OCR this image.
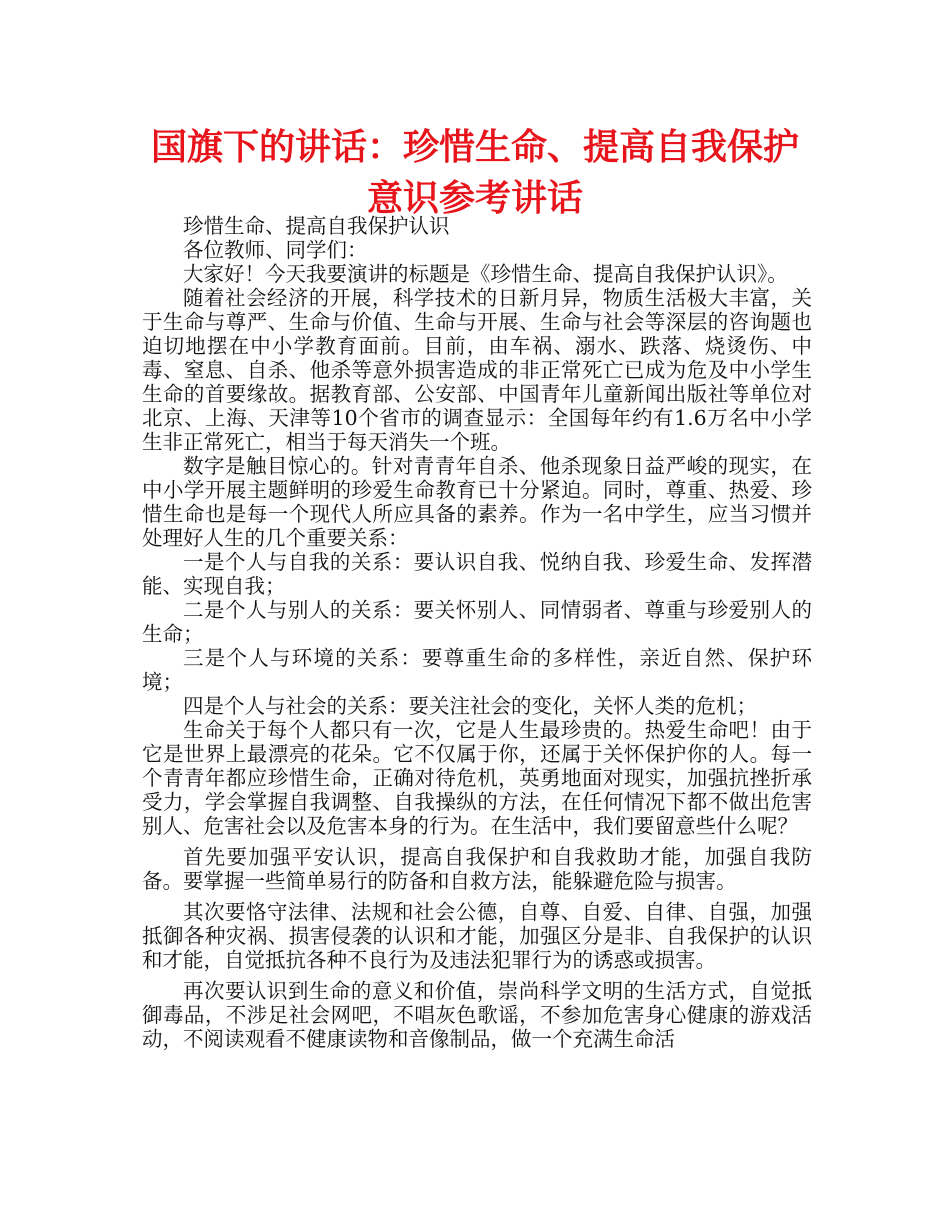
国旗下的讲话：珍惜生命、提高自我保护
意识参考讲话

珍惜生命、提高自我保护认识

各位教师、同学们：

大家好！今天我要演讲的标题是《珍惜生命、提高自我保护认识》。

随着社会经济的开展，科学技术的日新月异，物质生活极大丰富，关于生命与尊严、生命与价值、生命与开展、生命与社会等深层的咨询题也迫切地摆在中小学教育面前。目前，由车祸、溺水、跌落、烧烫伤、中毒、窒息、自杀、他杀等意外损害造成的非正常死亡已成为危及中小学生生命的首要缘故。据教育部、公安部、中国青年儿童新闻出版社等单位对北京、上海、天津等10个省市的调查显示：全国每年约有1.6万名中小学生非正常死亡，相当于每天消失一个班。

数字是触目惊心的。针对青青年自杀、他杀现象日益严峻的现实，在中小学开展主题鲜明的珍爱生命教育已十分紧迫。同时，尊重、热爱、珍惜生命也是每一个现代人所应具备的素养。作为一名中学生，应当习惯并处理好人生的几个重要关系：

一是个人与自我的关系：要认识自我、悦纳自我、珍爱生命、发挥潜能、实现自我；

二是个人与别人的关系：要关怀别人、同情弱者、尊重与珍爱别人的生命；

三是个人与环境的关系：要尊重生命的多样性，亲近自然、保护环境；

四是个人与社会的关系：要关注社会的变化，关怀人类的危机；

生命关于每个人都只有一次，它是人生最珍贵的。热爱生命吧！由于它是世界上最漂亮的花朵。它不仅属于你，还属于关怀保护你的人。每一个青青年都应珍惜生命，正确对待危机，英勇地面对现实，加强抗挫折承受力，学会掌握自我调整、自我操纵的方法，在任何情况下都不做出危害别人、危害社会以及危害本身的行为。在生活中，我们要留意些什么呢？

首先要加强平安认识，提高自我保护和自我救助才能，加强自我防备。要掌握一些简单易行的防备和自救方法，能躲避危险与损害。

其次要恪守法律、法规和社会公德，自尊、自爱、自律、自强，加强抵御各种灾祸、损害侵袭的认识和才能，加强区分是非、自我保护的认识和才能，自觉抵抗各种不良行为及违法犯罪行为的诱惑或损害。

再次要认识到生命的意义和价值，崇尚科学文明的生活方式，自觉抵御毒品，不涉足社会网吧，不唱灰色歌谣，不参加危害身心健康的游戏活动，不阅读观看不健康读物和音像制品，做一个充满生命活
